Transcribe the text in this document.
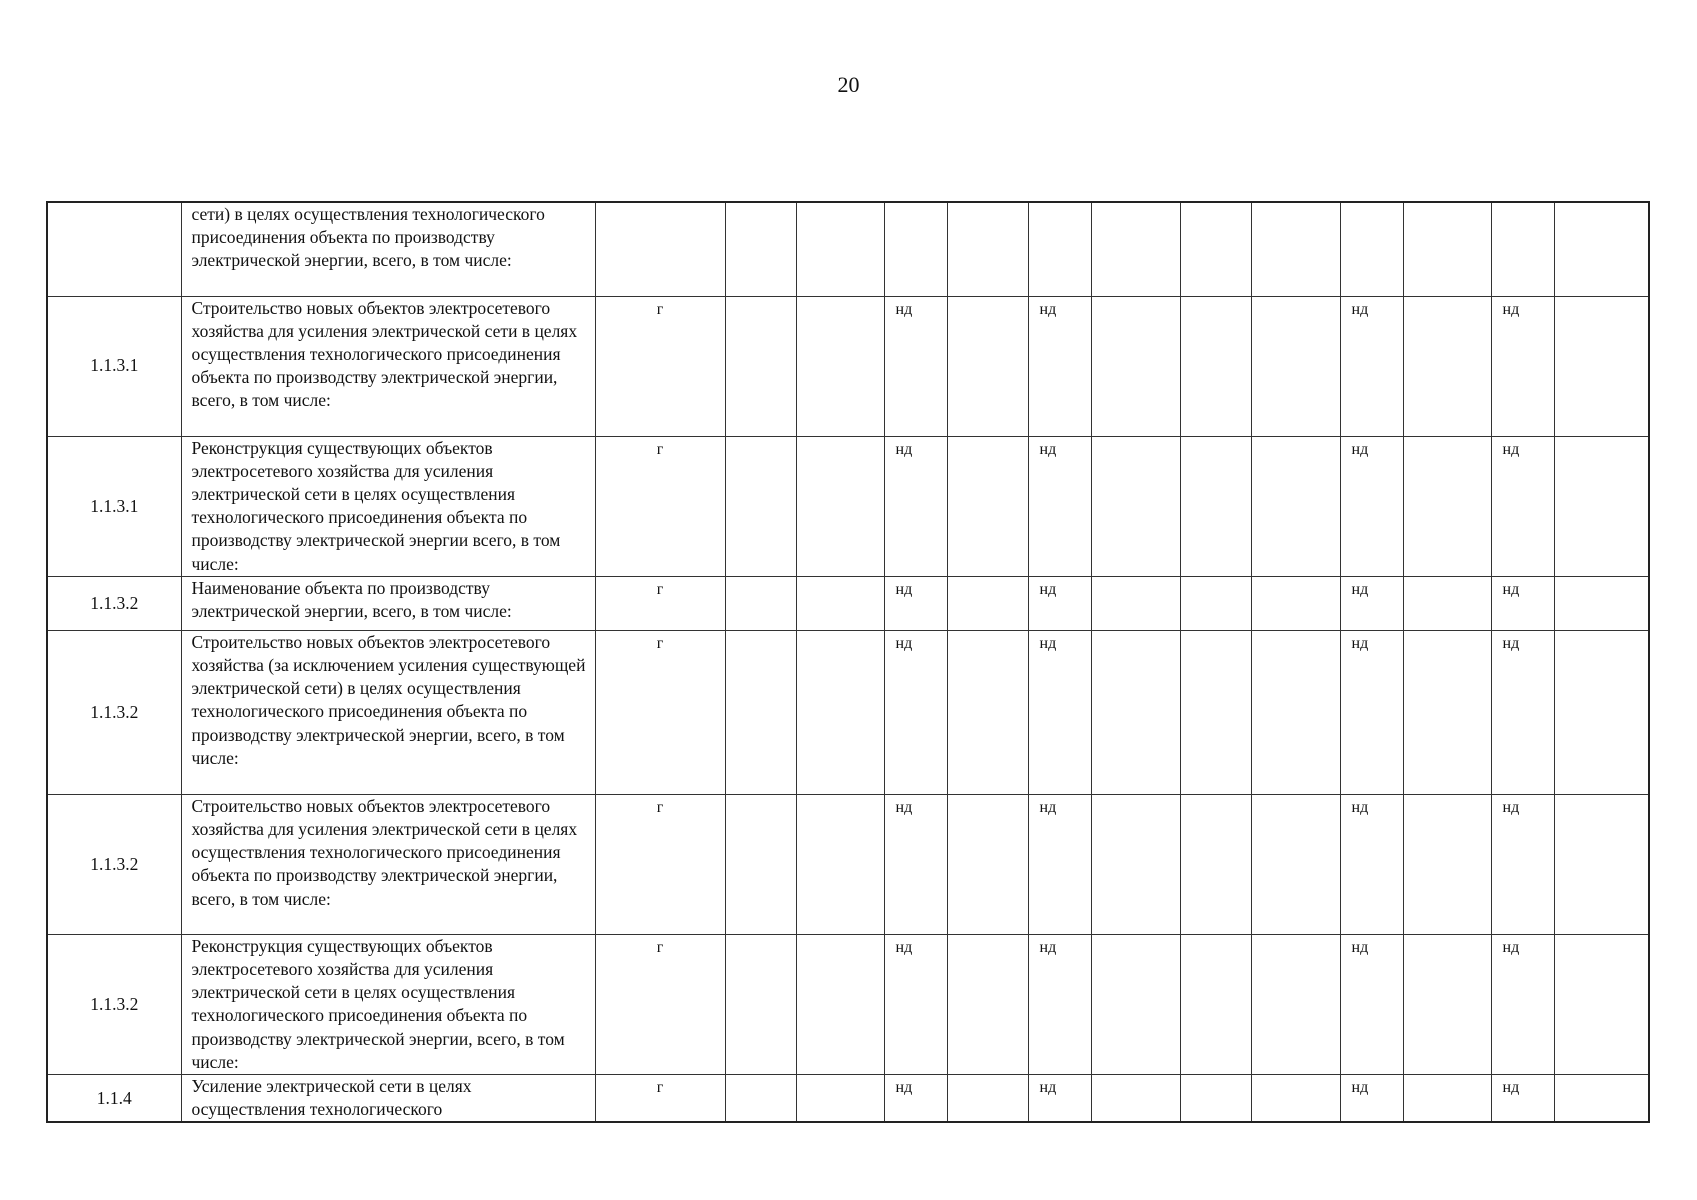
20
	сети) в целях осуществления технологического присоединения объекта по производству электрической энергии, всего, в том числе:													
1.1.3.1	Строительство новых объектов электросетевого хозяйства для усиления электрической сети в целях осуществления технологического присоединения объекта по производству электрической энергии, всего, в том числе:	г			нд		нд				нд		нд	
1.1.3.1	Реконструкция существующих объектов электросетевого хозяйства для усиления электрической сети в целях осуществления технологического присоединения объекта по производству электрической энергии всего, в том числе:	г			нд		нд				нд		нд	
1.1.3.2	Наименование объекта по производству электрической энергии, всего, в том числе:	г			нд		нд				нд		нд	
1.1.3.2	Строительство новых объектов электросетевого хозяйства (за исключением усиления существующей электрической сети) в целях осуществления технологического присоединения объекта по производству электрической энергии, всего, в том числе:	г			нд		нд				нд		нд	
1.1.3.2	Строительство новых объектов электросетевого хозяйства для усиления электрической сети в целях осуществления технологического присоединения объекта по производству электрической энергии, всего, в том числе:	г			нд		нд				нд		нд	
1.1.3.2	Реконструкция существующих объектов электросетевого хозяйства для усиления электрической сети в целях осуществления технологического присоединения объекта по производству электрической энергии, всего, в том числе:	г			нд		нд				нд		нд	
1.1.4	Усиление электрической сети в целях осуществления технологического	г			нд		нд				нд		нд	
